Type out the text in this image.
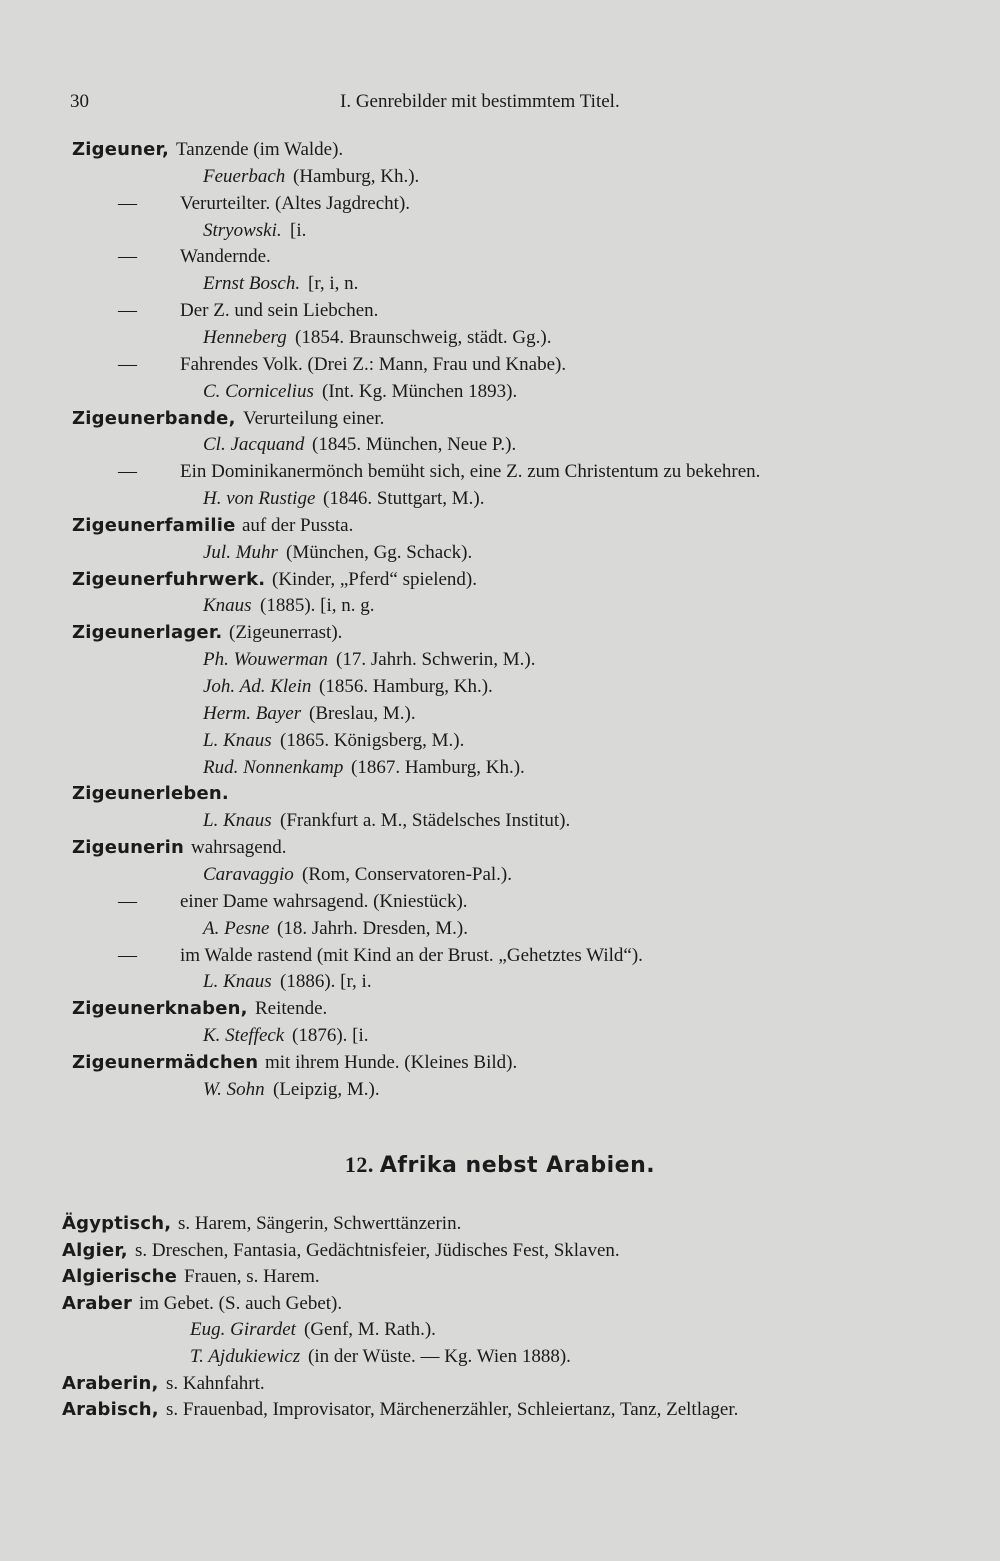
30	I. Genrebilder mit bestimmtem Titel.
Zigeuner, Tanzende (im Walde).
Feuerbach (Hamburg, Kh.).
— Verurteilter. (Altes Jagdrecht).
Stryowski. [i.
— Wandernde.
Ernst Bosch. [r, i, n.
— Der Z. und sein Liebchen.
Henneberg (1854. Braunschweig, städt. Gg.).
— Fahrendes Volk. (Drei Z.: Mann, Frau und Knabe).
C. Cornicelius (Int. Kg. München 1893).
Zigeunerbande, Verurteilung einer.
Cl. Jacquand (1845. München, Neue P.).
— Ein Dominikanermönch bemüht sich, eine Z. zum Christentum zu bekehren.
H. von Rustige (1846. Stuttgart, M.).
Zigeunerfamilie auf der Pussta.
Jul. Muhr (München, Gg. Schack).
Zigeunerfuhrwerk. (Kinder, „Pferd“ spielend).
Knaus (1885). [i, n. g.
Zigeunerlager. (Zigeunerrast).
Ph. Wouwerman (17. Jahrh. Schwerin, M.).
Joh. Ad. Klein (1856. Hamburg, Kh.).
Herm. Bayer (Breslau, M.).
L. Knaus (1865. Königsberg, M.).
Rud. Nonnenkamp (1867. Hamburg, Kh.).
Zigeunerleben.
L. Knaus (Frankfurt a. M., Städelsches Institut).
Zigeunerin wahrsagend.
Caravaggio (Rom, Conservatoren-Pal.).
— einer Dame wahrsagend. (Kniestück).
A. Pesne (18. Jahrh. Dresden, M.).
— im Walde rastend (mit Kind an der Brust. „Gehetztes Wild“).
L. Knaus (1886). [r, i.
Zigeunerknaben, Reitende.
K. Steffeck (1876). [i.
Zigeunermädchen mit ihrem Hunde. (Kleines Bild).
W. Sohn (Leipzig, M.).
12. Afrika nebst Arabien.
Ägyptisch, s. Harem, Sängerin, Schwerttänzerin.
Algier, s. Dreschen, Fantasia, Gedächtnisfeier, Jüdisches Fest, Sklaven.
Algierische Frauen, s. Harem.
Araber im Gebet. (S. auch Gebet).
Eug. Girardet (Genf, M. Rath.).
T. Ajdukiewicz (in der Wüste. — Kg. Wien 1888).
Araberin, s. Kahnfahrt.
Arabisch, s. Frauenbad, Improvisator, Märchenerzähler, Schleiertanz, Tanz, Zeltlager.
